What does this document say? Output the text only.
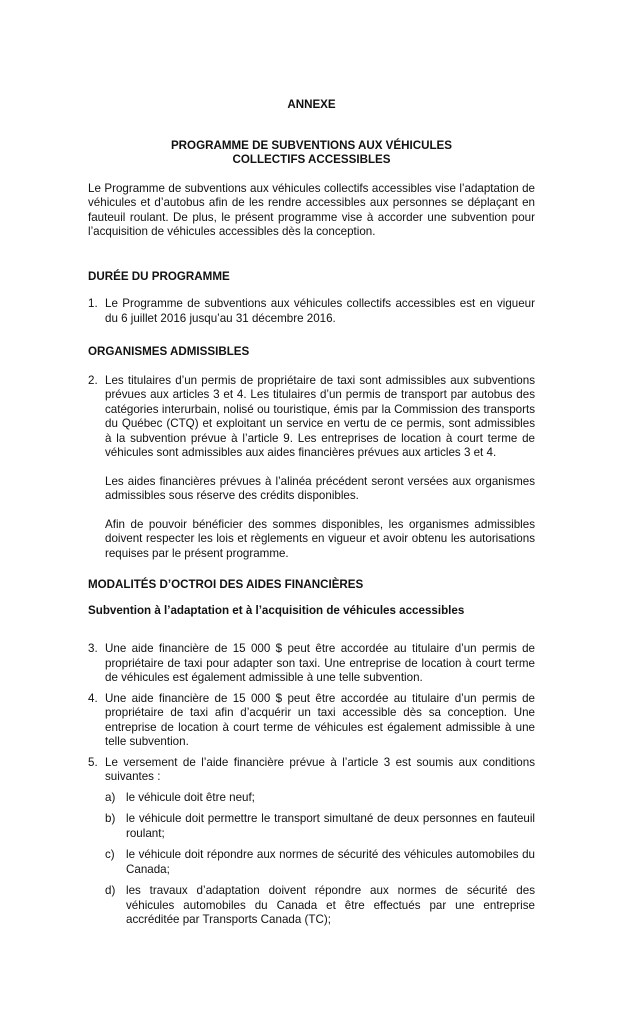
ANNEXE

PROGRAMME DE SUBVENTIONS AUX VÉHICULES
COLLECTIFS ACCESSIBLES

Le Programme de subventions aux véhicules collectifs accessibles vise l’adaptation de véhicules et d’autobus afin de les rendre accessibles aux personnes se déplaçant en fauteuil roulant. De plus, le présent programme vise à accorder une subvention pour l’acquisition de véhicules accessibles dès la conception.

DURÉE DU PROGRAMME

1. Le Programme de subventions aux véhicules collectifs accessibles est en vigueur du 6 juillet 2016 jusqu’au 31 décembre 2016.

ORGANISMES ADMISSIBLES

2. Les titulaires d’un permis de propriétaire de taxi sont admissibles aux subventions prévues aux articles 3 et 4. Les titulaires d’un permis de transport par autobus des catégories interurbain, nolisé ou touristique, émis par la Commission des transports du Québec (CTQ) et exploitant un service en vertu de ce permis, sont admissibles à la subvention prévue à l’article 9. Les entreprises de location à court terme de véhicules sont admissibles aux aides financières prévues aux articles 3 et 4.

Les aides financières prévues à l’alinéa précédent seront versées aux organismes admissibles sous réserve des crédits disponibles.

Afin de pouvoir bénéficier des sommes disponibles, les organismes admissibles doivent respecter les lois et règlements en vigueur et avoir obtenu les autorisations requises par le présent programme.

MODALITÉS D’OCTROI DES AIDES FINANCIÈRES

Subvention à l’adaptation et à l’acquisition de véhicules accessibles

3. Une aide financière de 15 000 $ peut être accordée au titulaire d’un permis de propriétaire de taxi pour adapter son taxi. Une entreprise de location à court terme de véhicules est également admissible à une telle subvention.
4. Une aide financière de 15 000 $ peut être accordée au titulaire d’un permis de propriétaire de taxi afin d’acquérir un taxi accessible dès sa conception. Une entreprise de location à court terme de véhicules est également admissible à une telle subvention.
5. Le versement de l’aide financière prévue à l’article 3 est soumis aux conditions suivantes :
a) le véhicule doit être neuf;
b) le véhicule doit permettre le transport simultané de deux personnes en fauteuil roulant;
c) le véhicule doit répondre aux normes de sécurité des véhicules automobiles du Canada;
d) les travaux d’adaptation doivent répondre aux normes de sécurité des véhicules automobiles du Canada et être effectués par une entreprise accréditée par Transports Canada (TC);
